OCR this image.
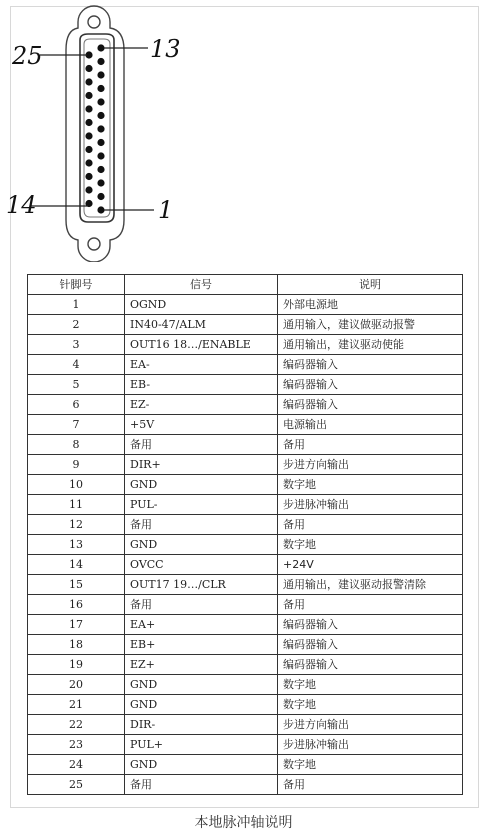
25	13
14	1
针脚号	信号	说明
1	OGND	外部电源地
2	IN40-47/ALM	通用输入，建议做驱动报警
3	OUT16 18…/ENABLE	通用输出，建议驱动使能
4	EA-	编码器输入
5	EB-	编码器输入
6	EZ-	编码器输入
7	+5V	电源输出
8	备用	备用
9	DIR+	步进方向输出
10	GND	数字地
11	PUL-	步进脉冲输出
12	备用	备用
13	GND	数字地
14	OVCC	+24V
15	OUT17 19…/CLR	通用输出，建议驱动报警清除
16	备用	备用
17	EA+	编码器输入
18	EB+	编码器输入
19	EZ+	编码器输入
20	GND	数字地
21	GND	数字地
22	DIR-	步进方向输出
23	PUL+	步进脉冲输出
24	GND	数字地
25	备用	备用
本地脉冲轴说明
